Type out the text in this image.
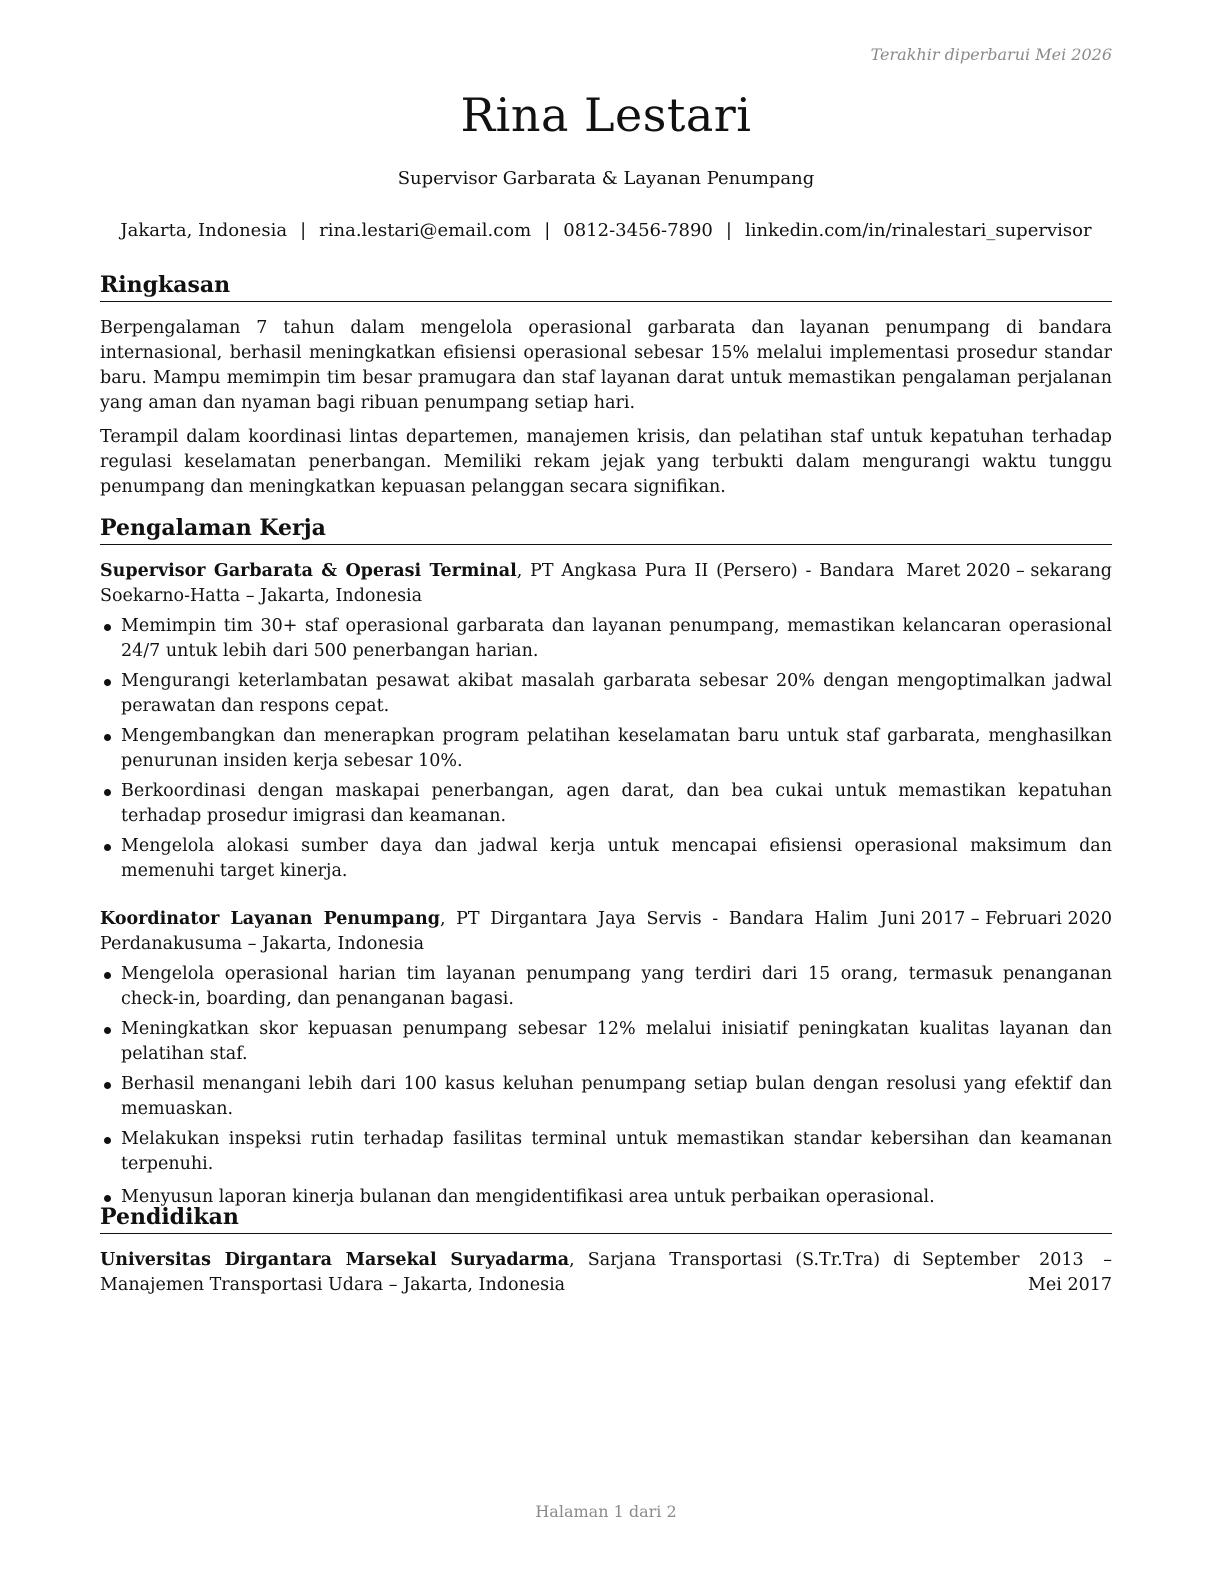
Terakhir diperbarui Mei 2026
Rina Lestari
Supervisor Garbarata & Layanan Penumpang
Jakarta, Indonesia | rina.lestari@email.com | 0812-3456-7890 | linkedin.com/in/rinalestari_supervisor
Ringkasan

Berpengalaman 7 tahun dalam mengelola operasional garbarata dan layanan penumpang di bandara internasional, berhasil meningkatkan efisiensi operasional sebesar 15% melalui implementasi prosedur standar baru. Mampu memimpin tim besar pramugara dan staf layanan darat untuk memastikan pengalaman perjalanan yang aman dan nyaman bagi ribuan penumpang setiap hari.

Terampil dalam koordinasi lintas departemen, manajemen krisis, dan pelatihan staf untuk kepatuhan terhadap regulasi keselamatan penerbangan. Memiliki rekam jejak yang terbukti dalam mengurangi waktu tunggu penumpang dan meningkatkan kepuasan pelanggan secara signifikan.

Pengalaman Kerja
Supervisor Garbarata & Operasi Terminal, PT Angkasa Pura II (Persero) - Bandara Soekarno-Hatta – Jakarta, Indonesia
Maret 2020 – sekarang
Memimpin tim 30+ staf operasional garbarata dan layanan penumpang, memastikan kelancaran operasional 24/7 untuk lebih dari 500 penerbangan harian.
Mengurangi keterlambatan pesawat akibat masalah garbarata sebesar 20% dengan mengoptimalkan jadwal perawatan dan respons cepat.
Mengembangkan dan menerapkan program pelatihan keselamatan baru untuk staf garbarata, menghasilkan penurunan insiden kerja sebesar 10%.
Berkoordinasi dengan maskapai penerbangan, agen darat, dan bea cukai untuk memastikan kepatuhan terhadap prosedur imigrasi dan keamanan.
Mengelola alokasi sumber daya dan jadwal kerja untuk mencapai efisiensi operasional maksimum dan memenuhi target kinerja.
Koordinator Layanan Penumpang, PT Dirgantara Jaya Servis - Bandara Halim Perdanakusuma – Jakarta, Indonesia
Juni 2017 – Februari 2020
Mengelola operasional harian tim layanan penumpang yang terdiri dari 15 orang, termasuk penanganan check-in, boarding, dan penanganan bagasi.
Meningkatkan skor kepuasan penumpang sebesar 12% melalui inisiatif peningkatan kualitas layanan dan pelatihan staf.
Berhasil menangani lebih dari 100 kasus keluhan penumpang setiap bulan dengan resolusi yang efektif dan memuaskan.
Melakukan inspeksi rutin terhadap fasilitas terminal untuk memastikan standar kebersihan dan keamanan terpenuhi.
Menyusun laporan kinerja bulanan dan mengidentifikasi area untuk perbaikan operasional.
Pendidikan
Universitas Dirgantara Marsekal Suryadarma, Sarjana Transportasi (S.Tr.Tra) di Manajemen Transportasi Udara – Jakarta, Indonesia
September 2013 – Mei 2017
Halaman 1 dari 2
